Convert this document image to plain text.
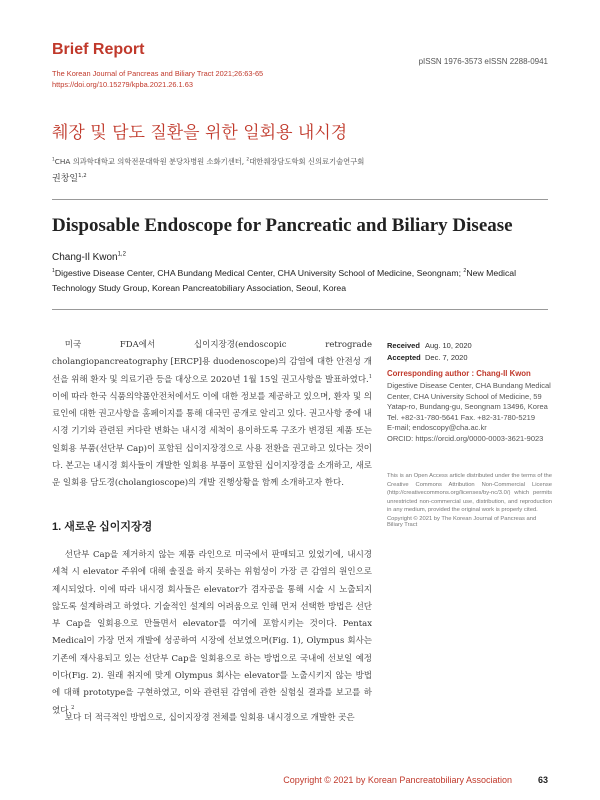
Brief Report
The Korean Journal of Pancreas and Biliary Tract 2021;26:63-65
https://doi.org/10.15279/kpba.2021.26.1.63
pISSN 1976-3573 eISSN 2288-0941
췌장 및 담도 질환을 위한 일회용 내시경
$^1$CHA 의과학대학교 의학전문대학원 분당차병원 소화기센터, $^2$대한췌장담도학회 신의료기술연구회
권창일$^{1,2}$
Disposable Endoscope for Pancreatic and Biliary Disease
Chang-Il Kwon$^{1,2}$
$^1$Digestive Disease Center, CHA Bundang Medical Center, CHA University School of Medicine, Seongnam; $^2$New Medical Technology Study Group, Korean Pancreatobiliary Association, Seoul, Korea
미국 FDA에서 십이지장경(endoscopic retrograde cholangiopancreatography [ERCP]용 duodenoscope)의 감염에 대한 안전성 개선을 위해 환자 및 의료기관 등을 대상으로 2020년 1월 15일 권고사항을 발표하였다.$^1$ 이에 따라 한국 식품의약품안전처에서도 이에 대한 정보를 제공하고 있으며, 환자 및 의료인에 대한 권고사항을 홈페이지를 통해 대국민 공개로 알리고 있다. 권고사항 중에 내시경 기기와 관련된 커다란 변화는 내시경 세척이 용이하도록 구조가 변경된 제품 또는 일회용 부품(선단부 Cap)이 포함된 십이지장경으로 사용 전환을 권고하고 있다는 것이다. 본고는 내시경 회사들이 개발한 일회용 부품이 포함된 십이지장경을 소개하고, 새로운 일회용 담도경(cholangioscope)의 개발 진행상황을 함께 소개하고자 한다.
1. 새로운 십이지장경
선단부 Cap을 제거하지 않는 제품 라인으로 미국에서 판매되고 있었기에, 내시경 세척 시 elevator 주위에 대해 솔질을 하지 못하는 위험성이 가장 큰 감염의 원인으로 제시되었다. 이에 따라 내시경 회사들은 elevator가 겸자공을 통해 시술 시 노출되지 않도록 설계하려고 하였다. 기술적인 설계의 어려움으로 인해 먼저 선택한 방법은 선단부 Cap을 일회용으로 만들면서 elevator를 여기에 포함시키는 것이다. Pentax Medical이 가장 먼저 개발에 성공하여 시장에 선보였으며(Fig. 1), Olympus 회사는 기존에 재사용되고 있는 선단부 Cap을 일회용으로 하는 방법으로 국내에 선보일 예정이다(Fig. 2). 원래 취지에 맞게 Olympus 회사는 elevator를 노출시키지 않는 방법에 대해 prototype을 구현하였고, 이와 관련된 감염에 관한 실험실 결과를 보고를 하였다.$^2$
보다 더 적극적인 방법으로, 십이지장경 전체를 일회용 내시경으로 개발한 곳은
Received Aug. 10, 2020
Accepted Dec. 7, 2020
Corresponding author : Chang-Il Kwon
Digestive Disease Center, CHA Bundang Medical
Center, CHA University School of Medicine, 59
Yatap-ro, Bundang-gu, Seongnam 13496, Korea
Tel. +82-31-780-5641 Fax. +82-31-780-5219
E-mail; endoscopy@cha.ac.kr
ORCID: https://orcid.org/0000-0003-3621-9023
This is an Open Access article distributed under the terms of the Creative Commons Attribution Non-Commercial License (http://creativecommons.org/licenses/by-nc/3.0/) which permits unrestricted non-commercial use, distribution, and reproduction in any medium, provided the original work is properly cited.
Copyright © 2021 by The Korean Journal of Pancreas and Biliary Tract
Copyright © 2021 by Korean Pancreatobiliary Association	63
